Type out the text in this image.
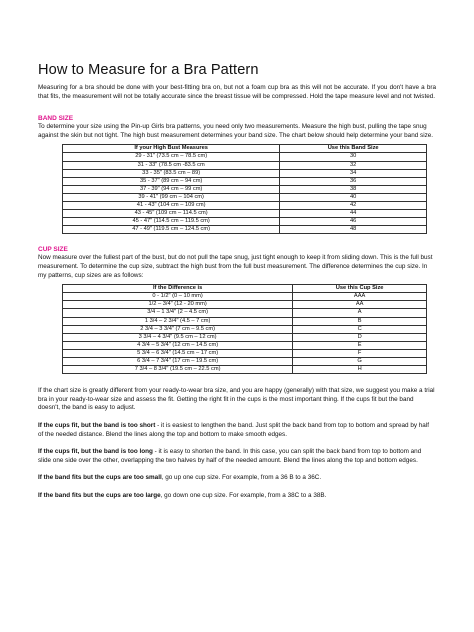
How to Measure for a Bra Pattern

Measuring for a bra should be done with your best-fitting bra on, but not a foam cup bra as this will not be accurate. If you don't have a bra that fits, the measurement will not be totally accurate since the breast tissue will be compressed. Hold the tape measure level and not twisted.

BAND SIZE

To determine your size using the Pin-up Girls bra patterns, you need only two measurements. Measure the high bust, pulling the tape snug against the skin but not tight. The high bust measurement determines your band size. The chart below should help determine your band size.

If your High Bust Measures	Use this Band Size
29 - 31" (73.5 cm – 78.5 cm)	30
31 - 33" (78.5 cm -83.5 cm	32
33 - 35" (83.5 cm – 89)	34
35 - 37" (89 cm – 94 cm)	36
37 - 39" (94 cm – 99 cm)	38
39 - 41" (99 cm – 104 cm)	40
41 - 43" (104 cm – 109 cm)	42
43 - 45" (109 cm – 114.5 cm)	44
45 - 47" (114.5 cm – 119.5 cm)	46
47 - 49" (119.5 cm – 124.5 cm)	48
CUP SIZE

Now measure over the fullest part of the bust, but do not pull the tape snug, just tight enough to keep it from sliding down. This is the full bust measurement. To determine the cup size, subtract the high bust from the full bust measurement. The difference determines the cup size. In my patterns, cup sizes are as follows:

If the Difference is	Use this Cup Size
0 - 1/2" (0 – 10 mm)	AAA
1/2 – 3/4" (12 - 20 mm)	AA
3/4 – 1 3/4" (2 – 4.5 cm)	A
1 3/4 – 2 3/4" (4.5 – 7 cm)	B
2 3/4 – 3 3/4" (7 cm – 9.5 cm)	C
3 3/4 – 4 3/4" (9.5 cm – 12 cm)	D
4 3/4 – 5 3/4" (12 cm – 14.5 cm)	E
5 3/4 – 6 3/4" (14.5 cm – 17 cm)	F
6 3/4 – 7 3/4" (17 cm – 19.5 cm)	G
7 3/4 – 8 3/4" (19.5 cm – 22.5 cm)	H

If the chart size is greatly different from your ready-to-wear bra size, and you are happy (generally) with that size, we suggest you make a trial bra in your ready-to-wear size and assess the fit. Getting the right fit in the cups is the most important thing. If the cups fit but the band doesn't, the band is easy to adjust.

If the cups fit, but the band is too short - it is easiest to lengthen the band. Just split the back band from top to bottom and spread by half of the needed distance. Blend the lines along the top and bottom to make smooth edges.

If the cups fit, but the band is too long - it is easy to shorten the band. In this case, you can split the back band from top to bottom and slide one side over the other, overlapping the two halves by half of the needed amount. Blend the lines along the top and bottom edges.

If the band fits but the cups are too small, go up one cup size. For example, from a 36 B to a 36C.

If the band fits but the cups are too large, go down one cup size. For example, from a 38C to a 38B.
